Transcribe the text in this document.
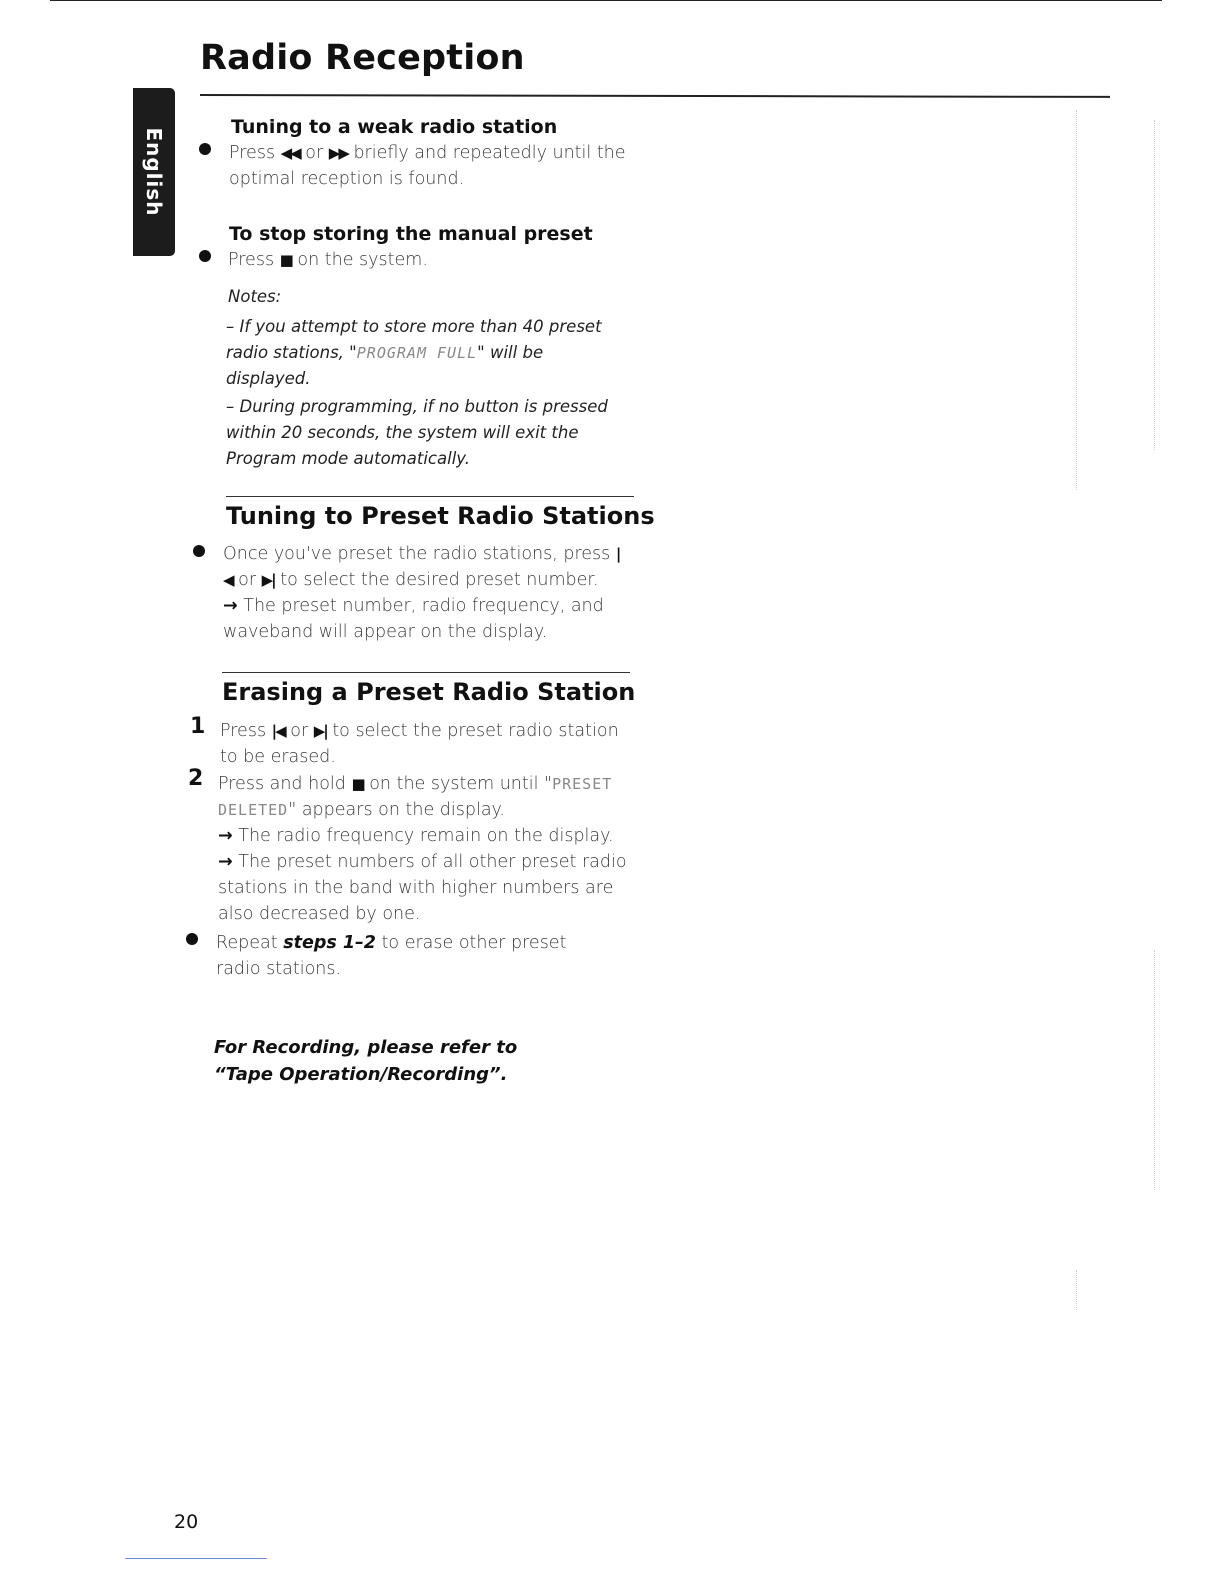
Radio Reception
English
Tuning to a weak radio station
Press ◀◀ or ▶▶ briefly and repeatedly until the optimal reception is found.
To stop storing the manual preset
Press ■ on the system.
Notes:
– If you attempt to store more than 40 preset radio stations, "PROGRAM FULL" will be displayed.
– During programming, if no button is pressed within 20 seconds, the system will exit the Program mode automatically.
Tuning to Preset Radio Stations
Once you've preset the radio stations, press |◀ or ▶| to select the desired preset number.
→ The preset number, radio frequency, and waveband will appear on the display.
Erasing a Preset Radio Station
1 Press |◀ or ▶| to select the preset radio station to be erased.
2 Press and hold ■ on the system until "PRESET DELETED" appears on the display.
→ The radio frequency remain on the display.
→ The preset numbers of all other preset radio stations in the band with higher numbers are also decreased by one.
Repeat steps 1–2 to erase other preset radio stations.
For Recording, please refer to “Tape Operation/Recording”.
20
